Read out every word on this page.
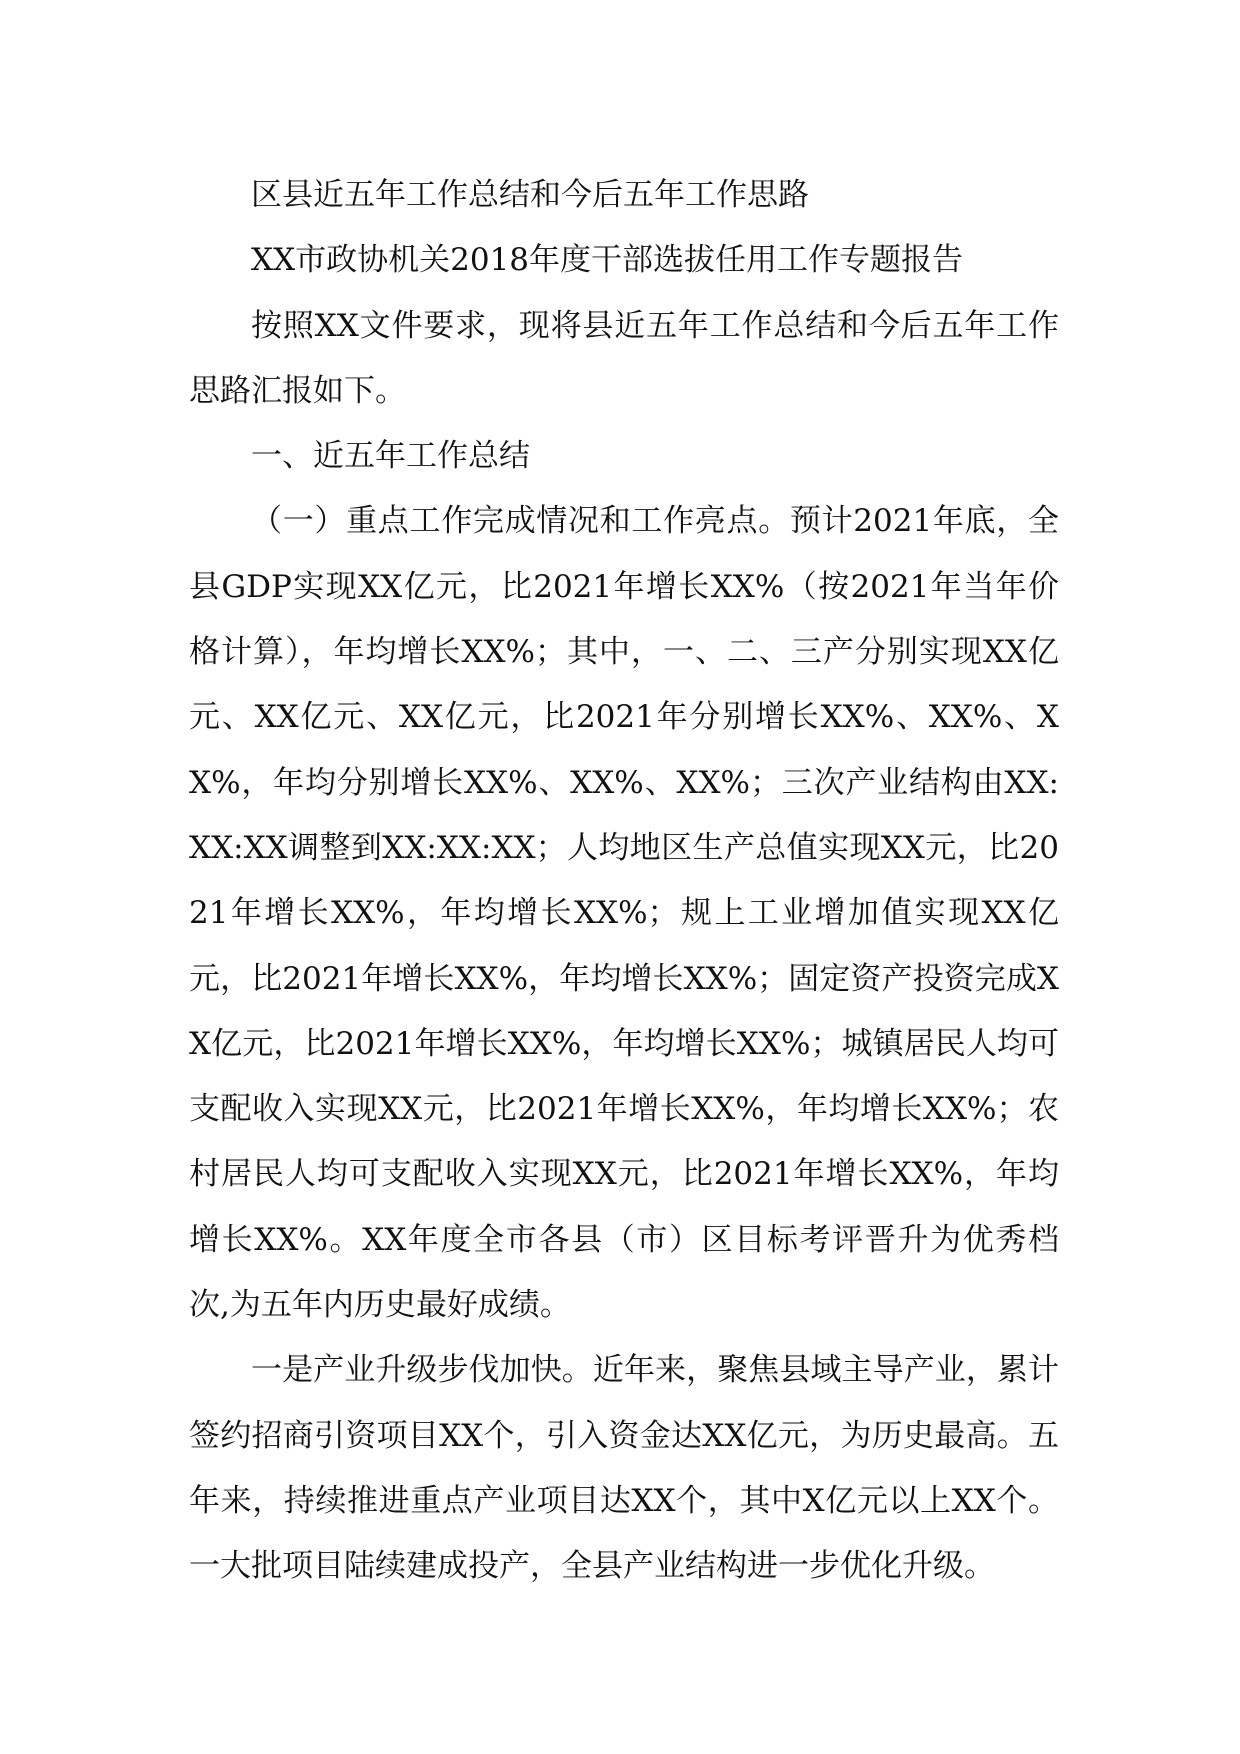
区县近五年工作总结和今后五年工作思路

XX市政协机关2018年度干部选拔任用工作专题报告

按照XX文件要求，现将县近五年工作总结和今后五年工作思路汇报如下。

一、近五年工作总结

（一）重点工作完成情况和工作亮点。预计2021年底，全县GDP实现XX亿元，比2021年增长XX%（按2021年当年价格计算），年均增长XX%；其中，一、二、三产分别实现XX亿元、XX亿元、XX亿元，比2021年分别增长XX%、XX%、XX%，年均分别增长XX%、XX%、XX%；三次产业结构由XX:XX:XX调整到XX:XX:XX；人均地区生产总值实现XX元，比2021年增长XX%，年均增长XX%；规上工业增加值实现XX亿元，比2021年增长XX%，年均增长XX%；固定资产投资完成XX亿元，比2021年增长XX%，年均增长XX%；城镇居民人均可支配收入实现XX元，比2021年增长XX%，年均增长XX%；农村居民人均可支配收入实现XX元，比2021年增长XX%，年均增长XX%。XX年度全市各县（市）区目标考评晋升为优秀档次,为五年内历史最好成绩。

一是产业升级步伐加快。近年来，聚焦县域主导产业，累计签约招商引资项目XX个，引入资金达XX亿元，为历史最高。五年来，持续推进重点产业项目达XX个，其中X亿元以上XX个。一大批项目陆续建成投产，全县产业结构进一步优化升级。
